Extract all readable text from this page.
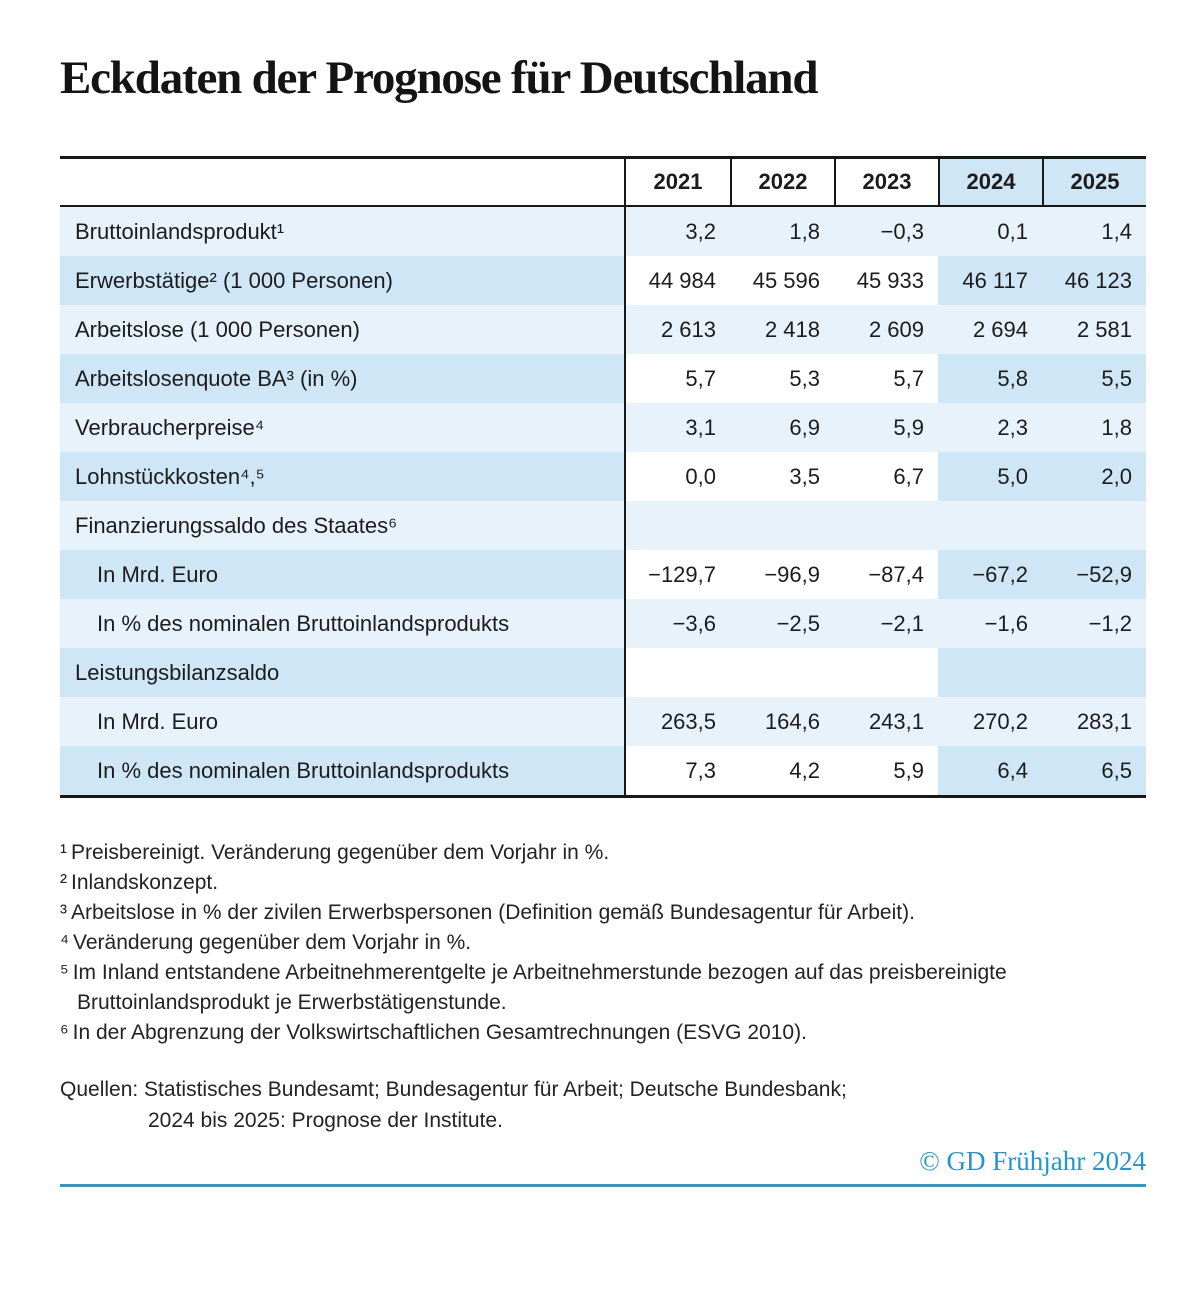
Eckdaten der Prognose für Deutschland
2021	2022	2023	2024	2025
Bruttoinlandsprodukt¹	3,2	1,8	−0,3	0,1	1,4
Erwerbstätige² (1 000 Personen)	44 984	45 596	45 933	46 117	46 123
Arbeitslose (1 000 Personen)	2 613	2 418	2 609	2 694	2 581
Arbeitslosenquote BA³ (in %)	5,7	5,3	5,7	5,8	5,5
Verbraucherpreise⁴	3,1	6,9	5,9	2,3	1,8
Lohnstückkosten⁴,⁵	0,0	3,5	6,7	5,0	2,0
Finanzierungssaldo des Staates⁶
In Mrd. Euro	−129,7	−96,9	−87,4	−67,2	−52,9
In % des nominalen Bruttoinlandsprodukts	−3,6	−2,5	−2,1	−1,6	−1,2
Leistungsbilanzsaldo
In Mrd. Euro	263,5	164,6	243,1	270,2	283,1
In % des nominalen Bruttoinlandsprodukts	7,3	4,2	5,9	6,4	6,5
¹ Preisbereinigt. Veränderung gegenüber dem Vorjahr in %.
² Inlandskonzept.
³ Arbeitslose in % der zivilen Erwerbspersonen (Definition gemäß Bundesagentur für Arbeit).
⁴ Veränderung gegenüber dem Vorjahr in %.
⁵ Im Inland entstandene Arbeitnehmerentgelte je Arbeitnehmerstunde bezogen auf das preisbereinigte
Bruttoinlandsprodukt je Erwerbstätigenstunde.
⁶ In der Abgrenzung der Volkswirtschaftlichen Gesamtrechnungen (ESVG 2010).
Quellen: Statistisches Bundesamt; Bundesagentur für Arbeit; Deutsche Bundesbank;
2024 bis 2025: Prognose der Institute.
© GD Frühjahr 2024
